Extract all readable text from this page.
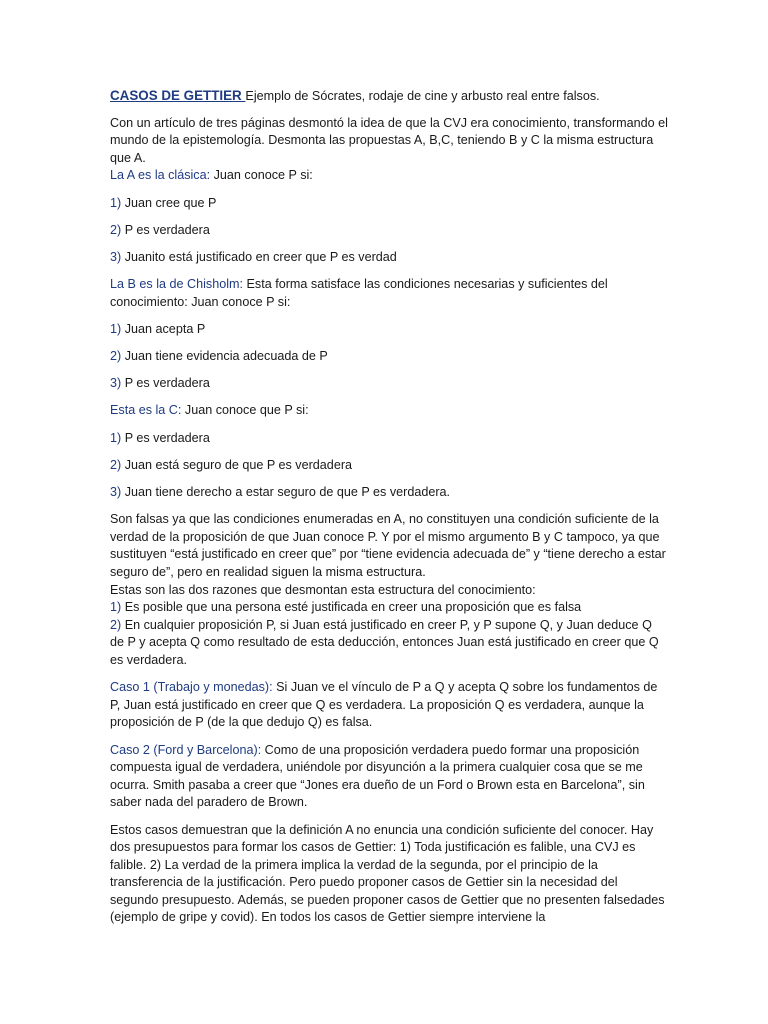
CASOS DE GETTIER Ejemplo de Sócrates, rodaje de cine y arbusto real entre falsos.

Con un artículo de tres páginas desmontó la idea de que la CVJ era conocimiento, transformando el mundo de la epistemología. Desmonta las propuestas A, B,C, teniendo B y C la misma estructura que A.

La A es la clásica: Juan conoce P si:

1) Juan cree que P

2) P es verdadera

3) Juanito está justificado en creer que P es verdad

La B es la de Chisholm: Esta forma satisface las condiciones necesarias y suficientes del conocimiento: Juan conoce P si:

1) Juan acepta P

2) Juan tiene evidencia adecuada de P

3) P es verdadera

Esta es la C: Juan conoce que P si:

1) P es verdadera

2) Juan está seguro de que P es verdadera

3) Juan tiene derecho a estar seguro de que P es verdadera.

Son falsas ya que las condiciones enumeradas en A, no constituyen una condición suficiente de la verdad de la proposición de que Juan conoce P. Y por el mismo argumento B y C tampoco, ya que sustituyen “está justificado en creer que” por “tiene evidencia adecuada de” y “tiene derecho a estar seguro de”, pero en realidad siguen la misma estructura.

Estas son las dos razones que desmontan esta estructura del conocimiento:

1) Es posible que una persona esté justificada en creer una proposición que es falsa

2) En cualquier proposición P, si Juan está justificado en creer P, y P supone Q, y Juan deduce Q de P y acepta Q como resultado de esta deducción, entonces Juan está justificado en creer que Q es verdadera.

Caso 1 (Trabajo y monedas): Si Juan ve el vínculo de P a Q y acepta Q sobre los fundamentos de P, Juan está justificado en creer que Q es verdadera. La proposición Q es verdadera, aunque la proposición de P (de la que dedujo Q) es falsa.

Caso 2 (Ford y Barcelona): Como de una proposición verdadera puedo formar una proposición compuesta igual de verdadera, uniéndole por disyunción a la primera cualquier cosa que se me ocurra. Smith pasaba a creer que “Jones era dueño de un Ford o Brown esta en Barcelona”, sin saber nada del paradero de Brown.

Estos casos demuestran que la definición A no enuncia una condición suficiente del conocer. Hay dos presupuestos para formar los casos de Gettier: 1) Toda justificación es falible, una CVJ es falible. 2) La verdad de la primera implica la verdad de la segunda, por el principio de la transferencia de la justificación. Pero puedo proponer casos de Gettier sin la necesidad del segundo presupuesto. Además, se pueden proponer casos de Gettier que no presenten falsedades (ejemplo de gripe y covid). En todos los casos de Gettier siempre interviene la
